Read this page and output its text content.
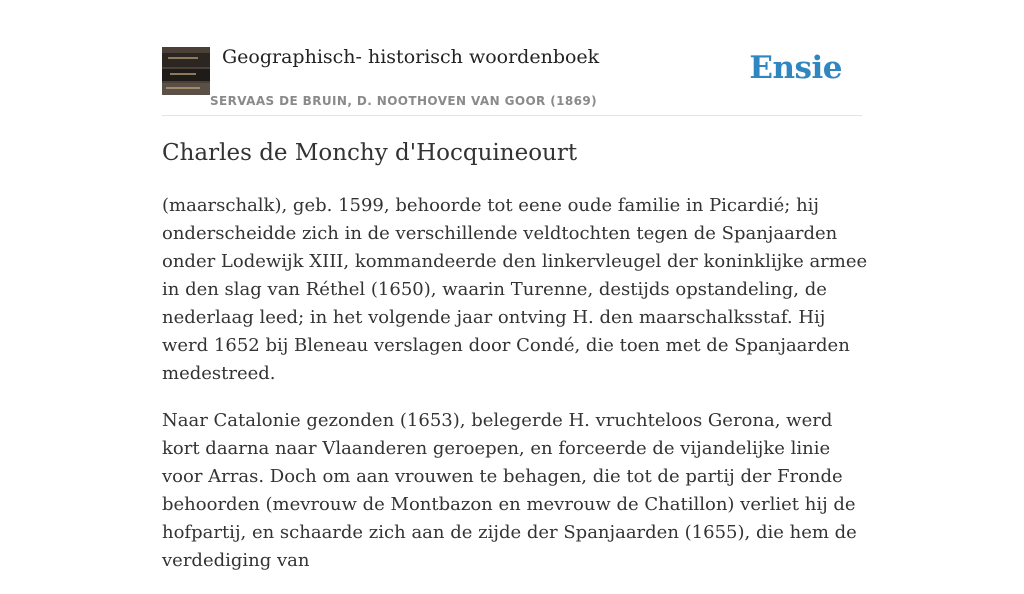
Geographisch- historisch woordenboek
SERVAAS DE BRUIN, D. NOOTHOVEN VAN GOOR (1869)
Ensie
Charles de Monchy d'Hocquineourt

(maarschalk), geb. 1599, behoorde tot eene oude familie in Picardié; hij onderscheidde zich in de verschillende veldtochten tegen de Spanjaarden onder Lodewijk XIII, kommandeerde den linkervleugel der koninklijke armee in den slag van Réthel (1650), waarin Turenne, destijds opstandeling, de nederlaag leed; in het volgende jaar ontving H. den maarschalksstaf. Hij werd 1652 bij Bleneau verslagen door Condé, die toen met de Spanjaarden medestreed.

Naar Catalonie gezonden (1653), belegerde H. vruchteloos Gerona, werd kort daarna naar Vlaanderen geroepen, en forceerde de vijandelijke linie voor Arras. Doch om aan vrouwen te behagen, die tot de partij der Fronde behoorden (mevrouw de Montbazon en mevrouw de Chatillon) verliet hij de hofpartij, en schaarde zich aan de zijde der Spanjaarden (1655), die hem de verdediging van
